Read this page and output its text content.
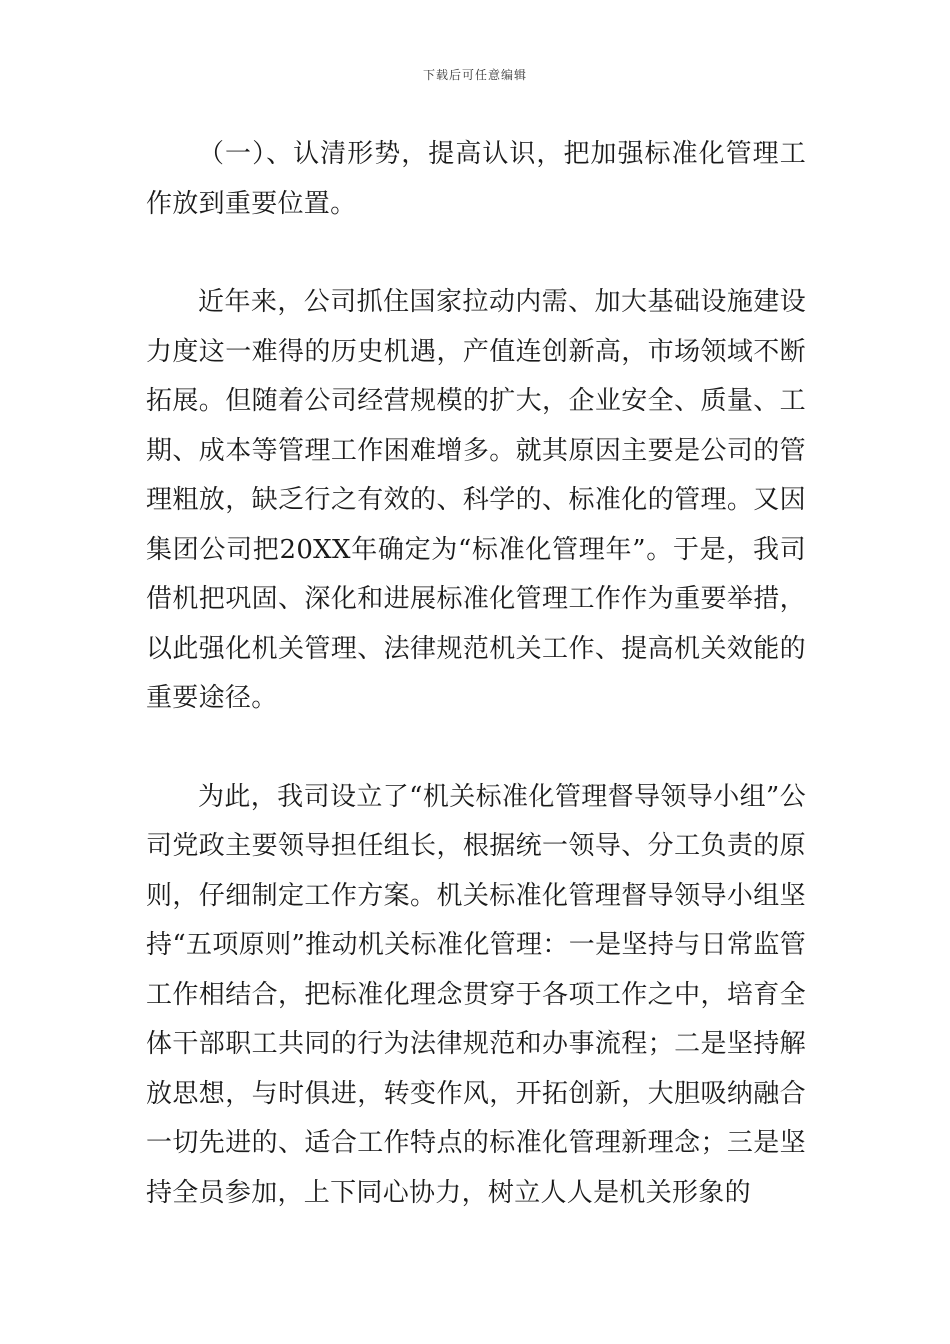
下载后可任意编辑

（一）、认清形势，提高认识，把加强标准化管理工作放到重要位置。

近年来，公司抓住国家拉动内需、加大基础设施建设力度这一难得的历史机遇，产值连创新高，市场领域不断拓展。但随着公司经营规模的扩大，企业安全、质量、工期、成本等管理工作困难增多。就其原因主要是公司的管理粗放，缺乏行之有效的、科学的、标准化的管理。又因集团公司把20XX年确定为“标准化管理年”。于是，我司借机把巩固、深化和进展标准化管理工作作为重要举措，以此强化机关管理、法律规范机关工作、提高机关效能的重要途径。

为此，我司设立了“机关标准化管理督导领导小组”公司党政主要领导担任组长，根据统一领导、分工负责的原则，仔细制定工作方案。机关标准化管理督导领导小组坚持“五项原则”推动机关标准化管理：一是坚持与日常监管工作相结合，把标准化理念贯穿于各项工作之中，培育全体干部职工共同的行为法律规范和办事流程；二是坚持解放思想，与时俱进，转变作风，开拓创新，大胆吸纳融合一切先进的、适合工作特点的标准化管理新理念；三是坚持全员参加，上下同心协力，树立人人是机关形象的
